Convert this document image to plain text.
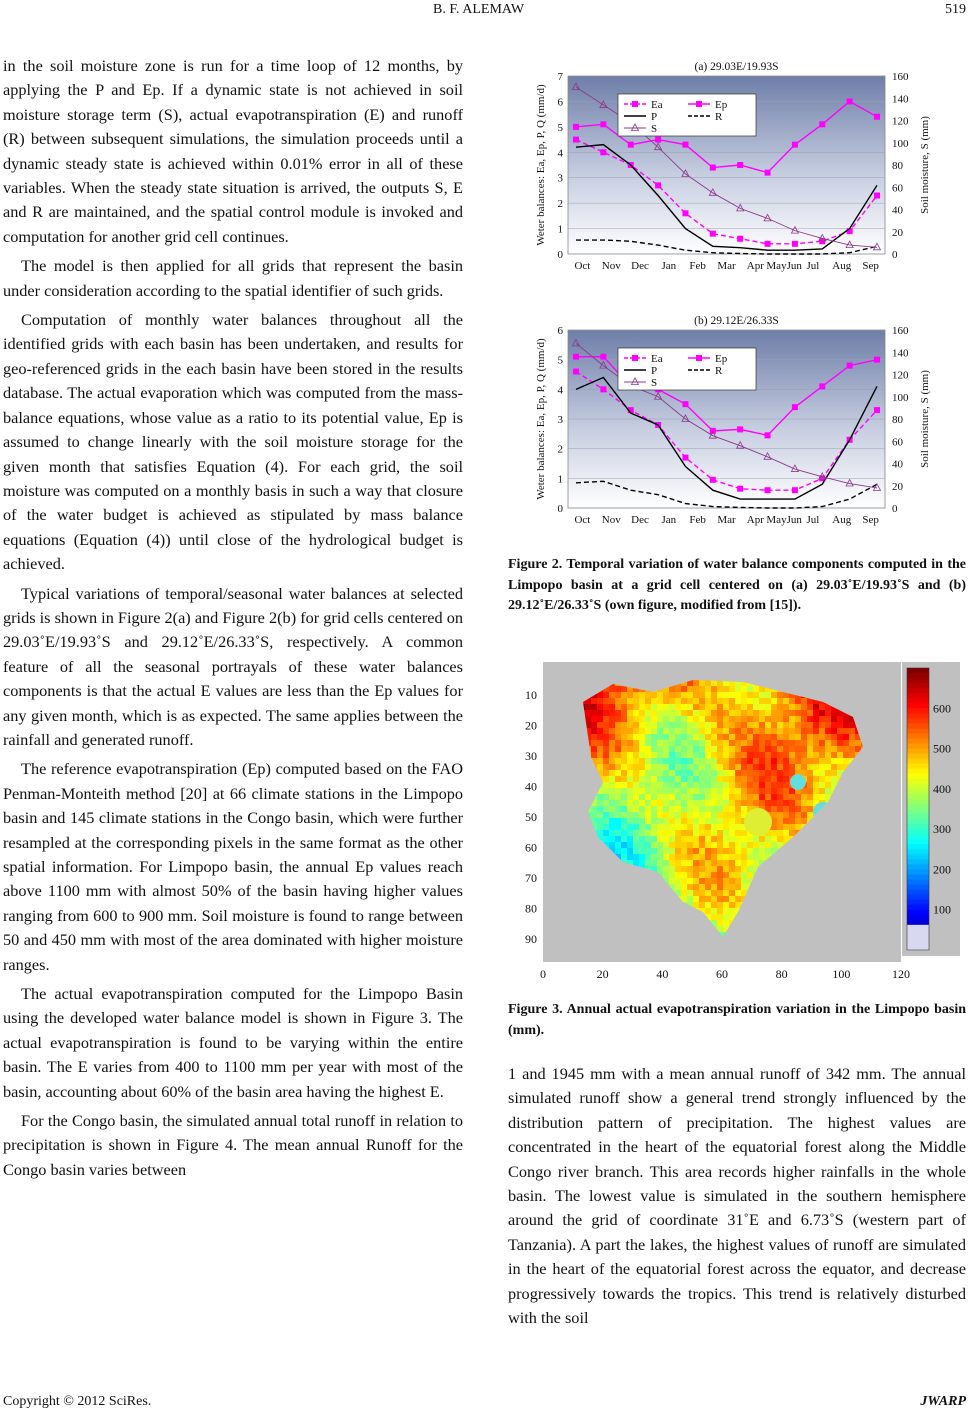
B. F. ALEMAW	519

in the soil moisture zone is run for a time loop of 12 months, by applying the P and Ep. If a dynamic state is not achieved in soil moisture storage term (S), actual evapotranspiration (E) and runoff (R) between subsequent simulations, the simulation proceeds until a dynamic steady state is achieved within 0.01% error in all of these variables. When the steady state situation is arrived, the outputs S, E and R are maintained, and the spatial control module is invoked and computation for another grid cell continues.

The model is then applied for all grids that represent the basin under consideration according to the spatial identifier of such grids.

Computation of monthly water balances throughout all the identified grids with each basin has been undertaken, and results for geo-referenced grids in the each basin have been stored in the results database. The actual evaporation which was computed from the mass-balance equations, whose value as a ratio to its potential value, Ep is assumed to change linearly with the soil moisture storage for the given month that satisfies Equation (4). For each grid, the soil moisture was computed on a monthly basis in such a way that closure of the water budget is achieved as stipulated by mass balance equations (Equation (4)) until close of the hydrological budget is achieved.

Typical variations of temporal/seasonal water balances at selected grids is shown in Figure 2(a) and Figure 2(b) for grid cells centered on 29.03˚E/19.93˚S and 29.12˚E/26.33˚S, respectively. A common feature of all the seasonal portrayals of these water balances components is that the actual E values are less than the Ep values for any given month, which is as expected. The same applies between the rainfall and generated runoff.

The reference evapotranspiration (Ep) computed based on the FAO Penman-Monteith method [20] at 66 climate stations in the Limpopo basin and 145 climate stations in the Congo basin, which were further resampled at the corresponding pixels in the same format as the other spatial information. For Limpopo basin, the annual Ep values reach above 1100 mm with almost 50% of the basin having higher values ranging from 600 to 900 mm. Soil moisture is found to range between 50 and 450 mm with most of the area dominated with higher moisture ranges.

The actual evapotranspiration computed for the Limpopo Basin using the developed water balance model is shown in Figure 3. The actual evapotranspiration is found to be varying within the entire basin. The E varies from 400 to 1100 mm per year with most of the basin, accounting about 60% of the basin area having the highest E.

For the Congo basin, the simulated annual total runoff in relation to precipitation is shown in Figure 4. The mean annual Runoff for the Congo basin varies between

0
1
2
3
4
5
6
7
0
20
40
60
80
100
120
140
160
Oct Nov Dec Jan Feb Mar Apr MayJun Jul Aug Sep
(a) 29.03E/19.93S
Weter balances: Ea, Ep, P, Q (mm/d)	Soil moisture, S (mm)
Ea	Ep
P	R
S
0
1
2
3
4
5
6
0
20
40
60
80
100
120
140
160
Oct Nov Dec Jan Feb Mar Apr MayJun Jul Aug Sep
(b) 29.12E/26.33S
Weter balances: Ea, Ep, P, Q (mm/d)	Soil moisture, S (mm)
Ea	Ep
P	R
S
Figure 2. Temporal variation of water balance components computed in the Limpopo basin at a grid cell centered on (a) 29.03˚E/19.93˚S and (b) 29.12˚E/26.33˚S (own figure, modified from [15]).
10
20
30
40
50
60
70
80
90
0	20	40	60	80	100	120
100
200
300
400
500
600
Figure 3. Annual actual evapotranspiration variation in the Limpopo basin (mm).

1 and 1945 mm with a mean annual runoff of 342 mm. The annual simulated runoff show a general trend strongly influenced by the distribution pattern of precipitation. The highest values are concentrated in the heart of the equatorial forest along the Middle Congo river branch. This area records higher rainfalls in the whole basin. The lowest value is simulated in the southern hemisphere around the grid of coordinate 31˚E and 6.73˚S (western part of Tanzania). A part the lakes, the highest values of runoff are simulated in the heart of the equatorial forest across the equator, and decrease progressively towards the tropics. This trend is relatively disturbed with the soil

Copyright © 2012 SciRes.	JWARP
